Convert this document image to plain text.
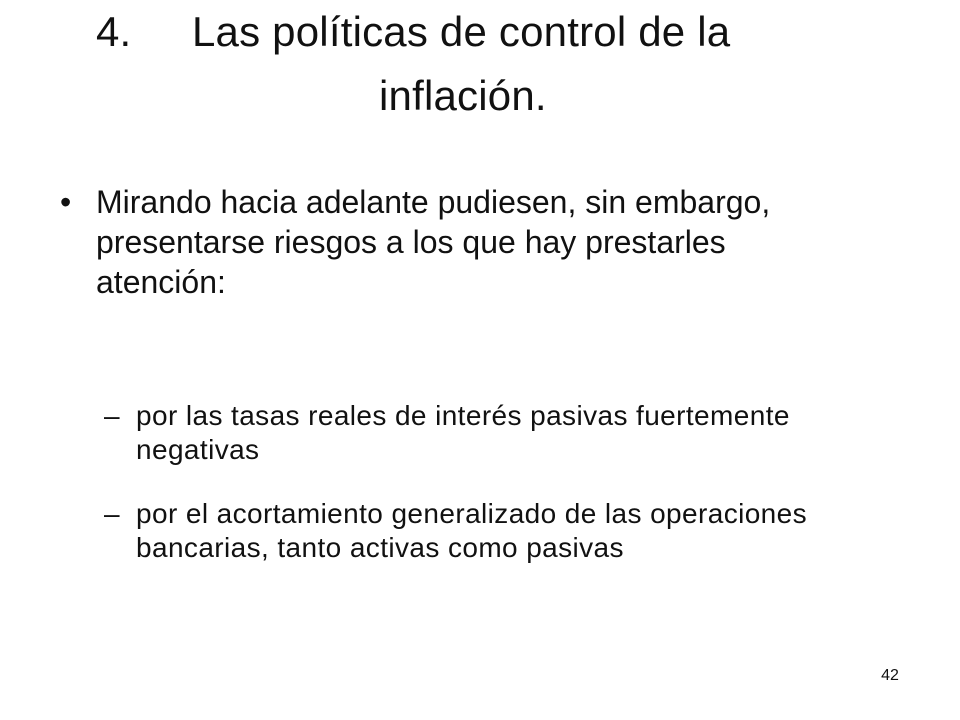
4. Las políticas de control de la
inflación.
• Mirando hacia adelante pudiesen, sin embargo, presentarse riesgos a los que hay prestarles atención:
– por las tasas reales de interés pasivas fuertemente negativas
– por el acortamiento generalizado de las operaciones bancarias, tanto activas como pasivas
42
